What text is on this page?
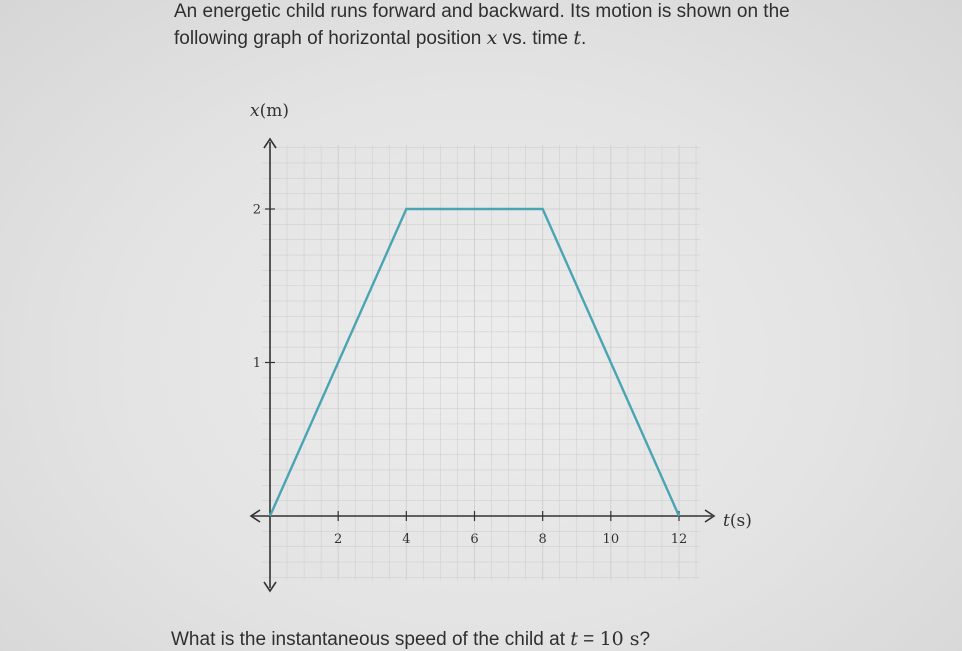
An energetic child runs forward and backward. Its motion is shown on the
following graph of horizontal position x vs. time t.
2	4	6	8	10	12
1
2
x(m)
t(s)
What is the instantaneous speed of the child at t = 10 s?
